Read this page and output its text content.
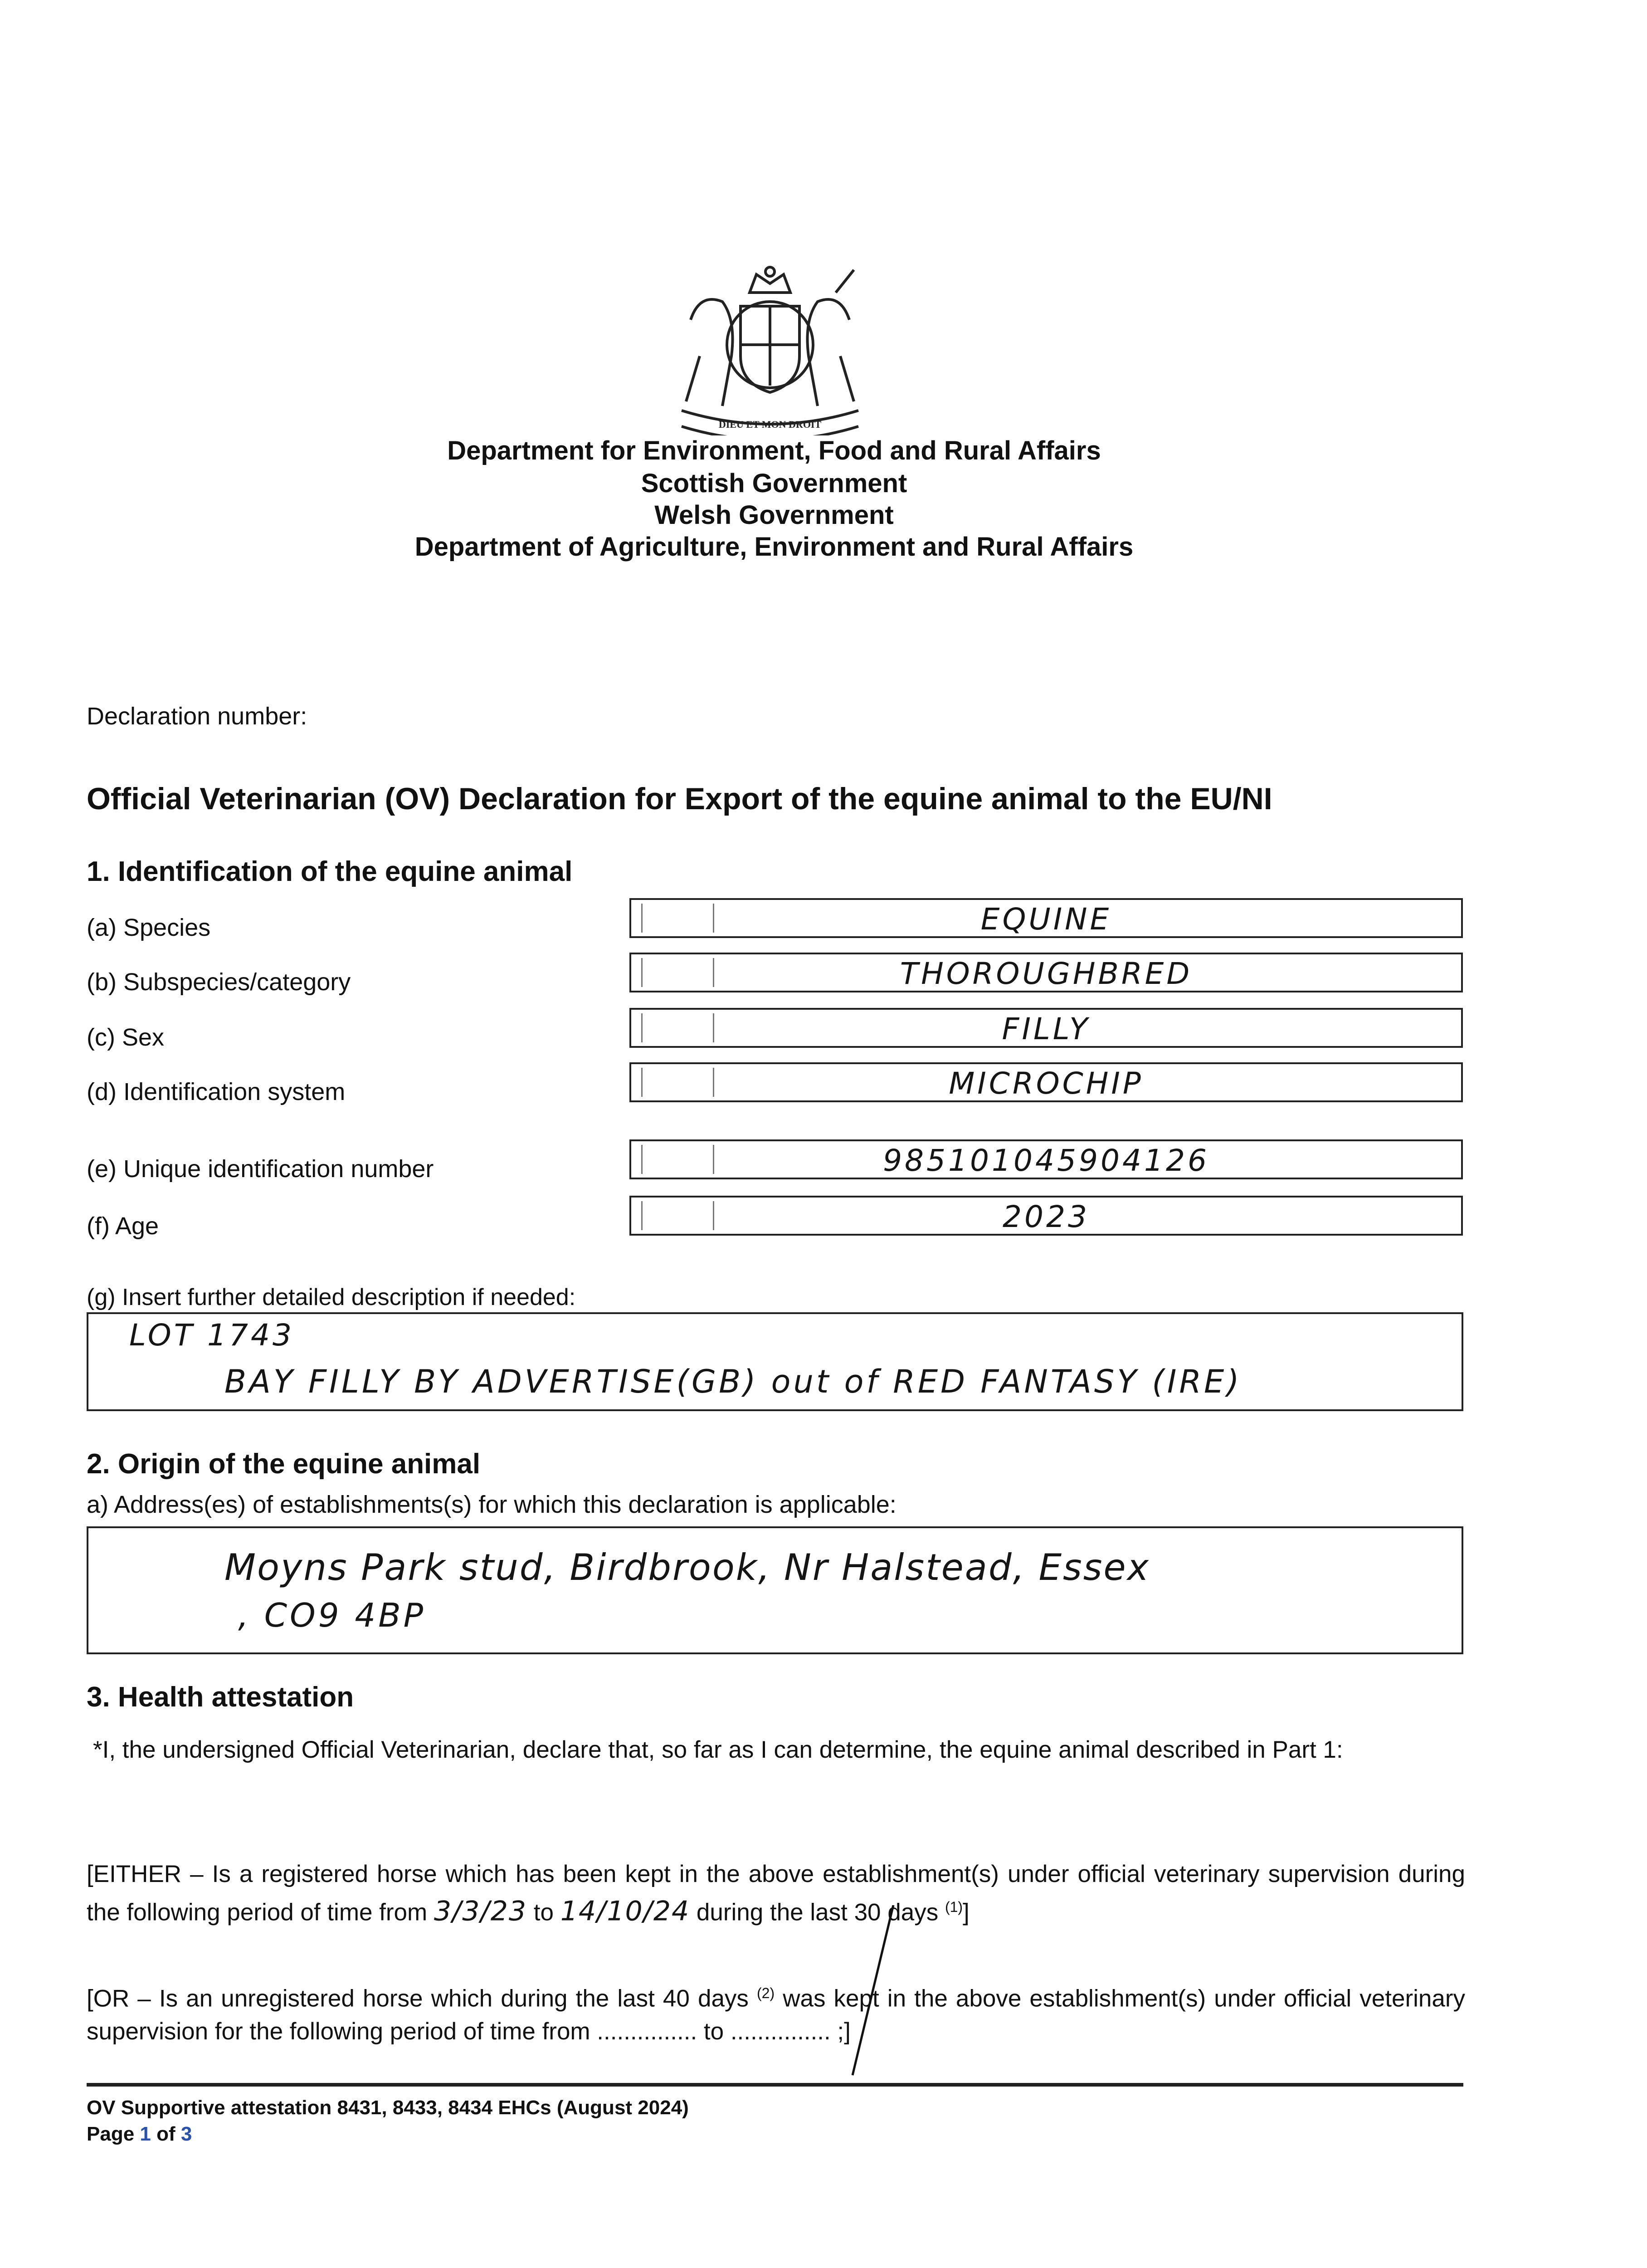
DIEU ET MON DROIT
Department for Environment, Food and Rural Affairs
Scottish Government
Welsh Government
Department of Agriculture, Environment and Rural Affairs
Declaration number:
Official Veterinarian (OV) Declaration for Export of the equine animal to the EU/NI
1. Identification of the equine animal
(a) Species	EQUINE
(b) Subspecies/category	THOROUGHBRED
(c) Sex	FILLY
(d) Identification system	MICROCHIP
(e) Unique identification number	985101045904126
(f) Age	2023
(g) Insert further detailed description if needed:
LOT 1743
BAY FILLY BY ADVERTISE(GB) out of RED FANTASY (IRE)
2. Origin of the equine animal
a) Address(es) of establishments(s) for which this declaration is applicable:
Moyns Park stud, Birdbrook, Nr Halstead, Essex
, CO9 4BP
3. Health attestation
*I, the undersigned Official Veterinarian, declare that, so far as I can determine, the equine animal described in Part 1:
[EITHER – Is a registered horse which has been kept in the above establishment(s) under official veterinary supervision during the following period of time from 3/3/23 to 14/10/24 during the last 30 days $^{(1)}$]
[OR – Is an unregistered horse which during the last 40 days $^{(2)}$ was kept in the above establishment(s) under official veterinary supervision for the following period of time from ............... to ............... ;]
OV Supportive attestation 8431, 8433, 8434 EHCs (August 2024)
Page 1 of 3
